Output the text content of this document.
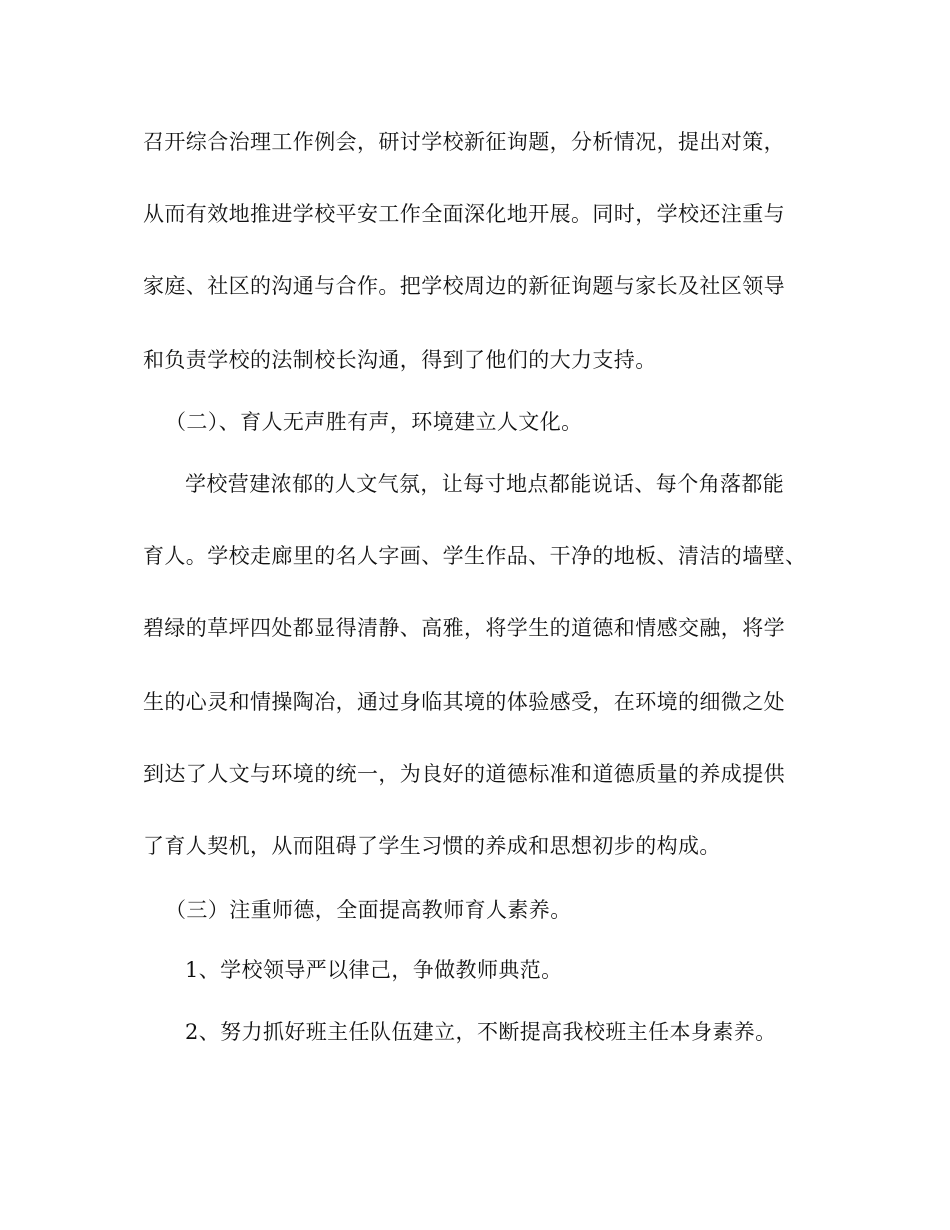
召开综合治理工作例会，研讨学校新征询题，分析情况，提出对策，
从而有效地推进学校平安工作全面深化地开展。同时，学校还注重与
家庭、社区的沟通与合作。把学校周边的新征询题与家长及社区领导
和负责学校的法制校长沟通，得到了他们的大力支持。
（二）、育人无声胜有声，环境建立人文化。
学校营建浓郁的人文气氛，让每寸地点都能说话、每个角落都能
育人。学校走廊里的名人字画、学生作品、干净的地板、清洁的墙壁、
碧绿的草坪四处都显得清静、高雅，将学生的道德和情感交融，将学
生的心灵和情操陶冶，通过身临其境的体验感受，在环境的细微之处
到达了人文与环境的统一，为良好的道德标准和道德质量的养成提供
了育人契机，从而阻碍了学生习惯的养成和思想初步的构成。
（三）注重师德，全面提高教师育人素养。
1、学校领导严以律己，争做教师典范。
2、努力抓好班主任队伍建立，不断提高我校班主任本身素养。
